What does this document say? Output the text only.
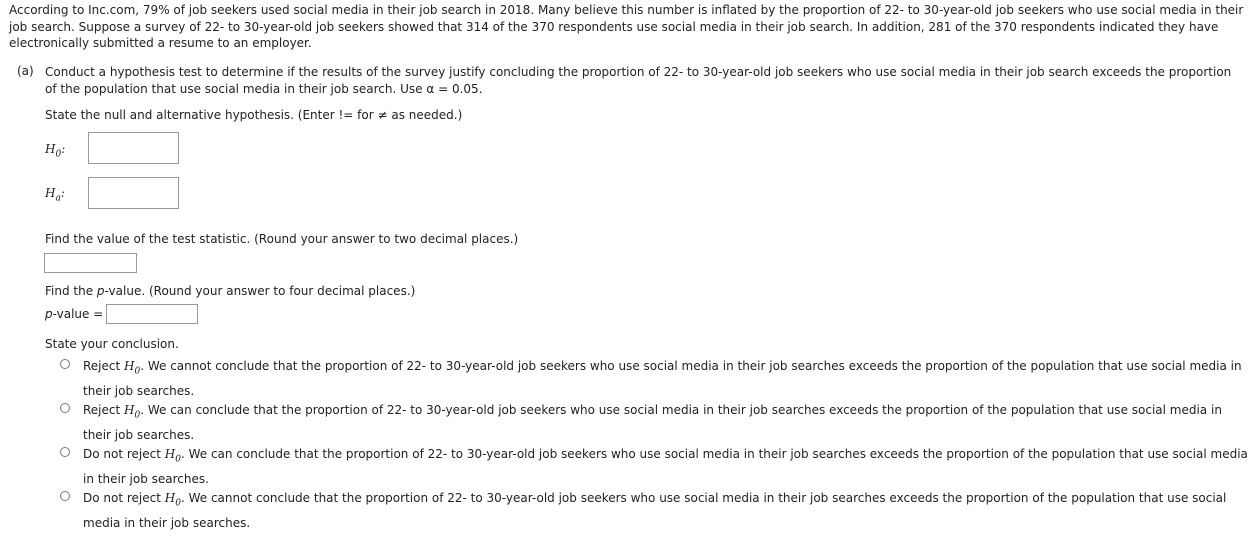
According to Inc.com, 79% of job seekers used social media in their job search in 2018. Many believe this number is inflated by the proportion of 22- to 30-year-old job seekers who use social media in their job search. Suppose a survey of 22- to 30-year-old job seekers showed that 314 of the 370 respondents use social media in their job search. In addition, 281 of the 370 respondents indicated they have electronically submitted a resume to an employer.
(a) Conduct a hypothesis test to determine if the results of the survey justify concluding the proportion of 22- to 30-year-old job seekers who use social media in their job search exceeds the proportion of the population that use social media in their job search. Use α = 0.05.
State the null and alternative hypothesis. (Enter != for ≠ as needed.)
$H_0$:
$H_a$:
Find the value of the test statistic. (Round your answer to two decimal places.)
Find the p-value. (Round your answer to four decimal places.)
p-value =
State your conclusion.
Reject $H_0$. We cannot conclude that the proportion of 22- to 30-year-old job seekers who use social media in their job searches exceeds the proportion of the population that use social media in their job searches.
Reject $H_0$. We can conclude that the proportion of 22- to 30-year-old job seekers who use social media in their job searches exceeds the proportion of the population that use social media in their job searches.
Do not reject $H_0$. We can conclude that the proportion of 22- to 30-year-old job seekers who use social media in their job searches exceeds the proportion of the population that use social media in their job searches.
Do not reject $H_0$. We cannot conclude that the proportion of 22- to 30-year-old job seekers who use social media in their job searches exceeds the proportion of the population that use social media in their job searches.
